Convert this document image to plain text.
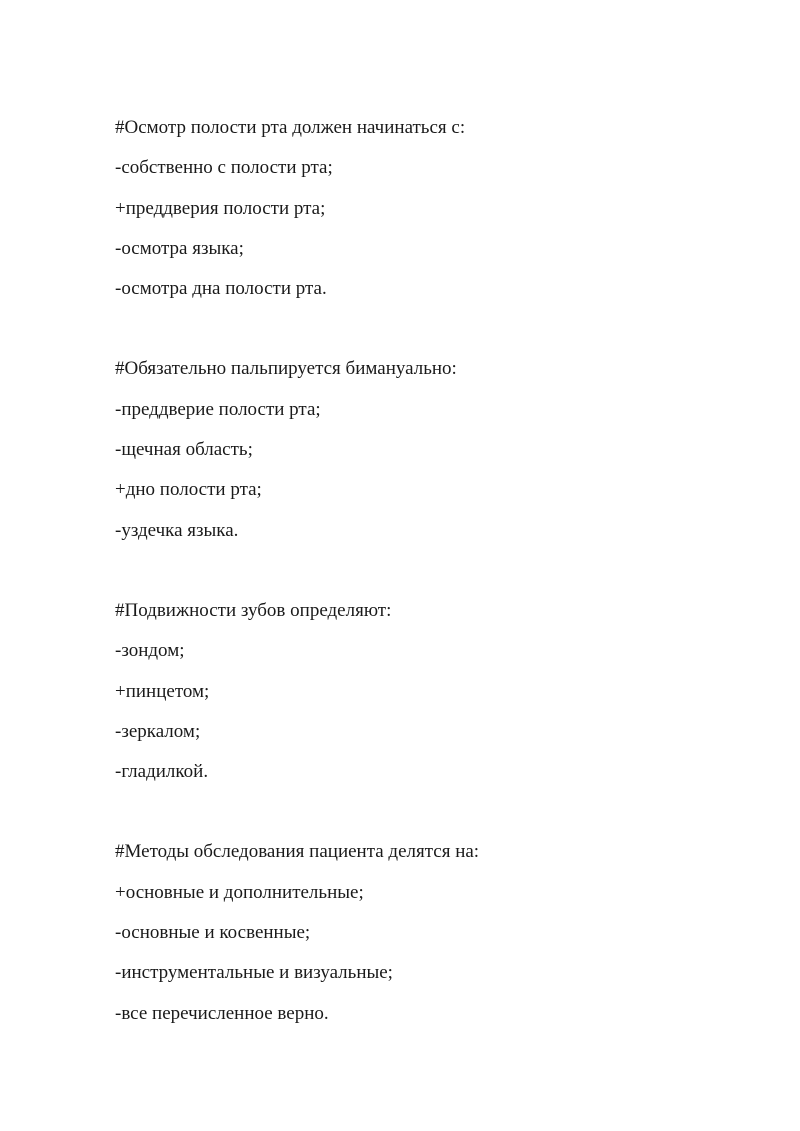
#Осмотр полости рта должен начинаться с:
-собственно с полости рта;
+преддверия полости рта;
-осмотра языка;
-осмотра дна полости рта.
#Обязательно пальпируется бимануально:
-преддверие полости рта;
-щечная область;
+дно полости рта;
-уздечка языка.
#Подвижности зубов определяют:
-зондом;
+пинцетом;
-зеркалом;
-гладилкой.
#Методы обследования пациента делятся на:
+основные и дополнительные;
-основные и косвенные;
-инструментальные и визуальные;
-все перечисленное верно.
